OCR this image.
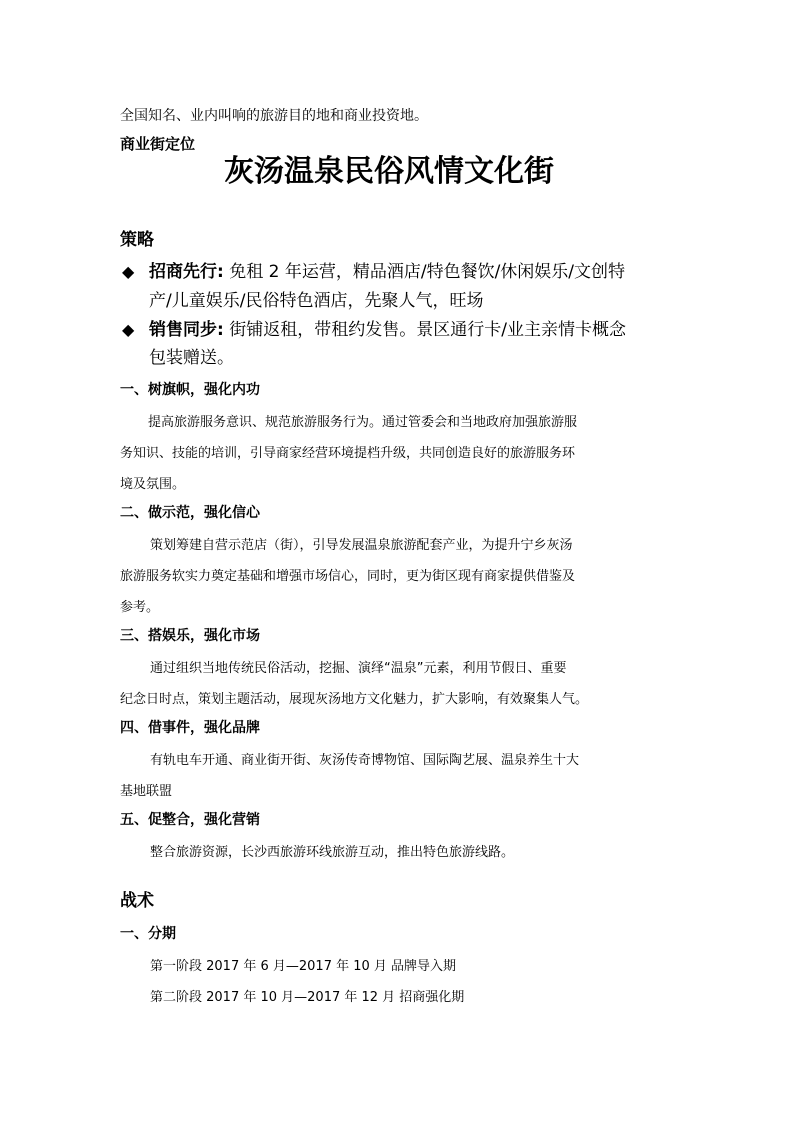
全国知名、业内叫响的旅游目的地和商业投资地。
商业街定位
灰汤温泉民俗风情文化街
策略
◆ 招商先行: 免租 2 年运营，精品酒店/特色餐饮/休闲娱乐/文创特
产/儿童娱乐/民俗特色酒店，先聚人气，旺场
◆ 销售同步: 街铺返租，带租约发售。景区通行卡/业主亲情卡概念
包装赠送。
一、树旗帜，强化内功
提高旅游服务意识、规范旅游服务行为。通过管委会和当地政府加强旅游服
务知识、技能的培训，引导商家经营环境提档升级，共同创造良好的旅游服务环
境及氛围。
二、做示范，强化信心
策划筹建自营示范店（街），引导发展温泉旅游配套产业，为提升宁乡灰汤
旅游服务软实力奠定基础和增强市场信心，同时，更为街区现有商家提供借鉴及
参考。
三、搭娱乐，强化市场
通过组织当地传统民俗活动，挖掘、演绎“温泉”元素，利用节假日、重要
纪念日时点，策划主题活动，展现灰汤地方文化魅力，扩大影响，有效聚集人气。
四、借事件，强化品牌
有轨电车开通、商业街开街、灰汤传奇博物馆、国际陶艺展、温泉养生十大
基地联盟
五、促整合，强化营销
整合旅游资源，长沙西旅游环线旅游互动，推出特色旅游线路。
战术
一、分期
第一阶段 2017 年 6 月—2017 年 10 月 品牌导入期
第二阶段 2017 年 10 月—2017 年 12 月 招商强化期
